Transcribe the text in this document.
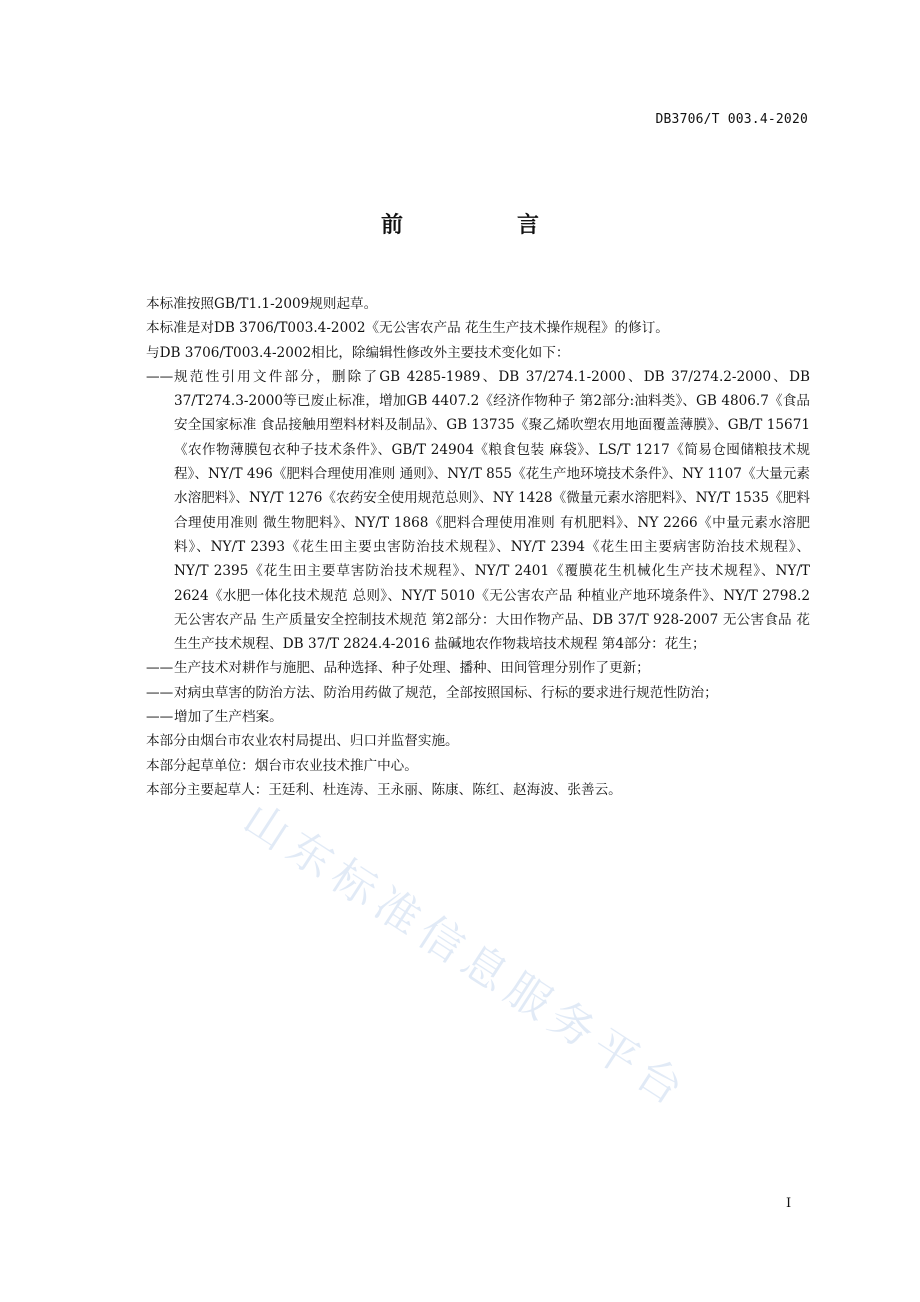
DB3706/T 003.4-2020
前　言

本标准按照GB/T1.1-2009规则起草。

本标准是对DB 3706/T003.4-2002《无公害农产品 花生生产技术操作规程》的修订。

与DB 3706/T003.4-2002相比，除编辑性修改外主要技术变化如下：

—— 规范性引用文件部分，删除了GB 4285-1989、DB 37/274.1-2000、DB 37/274.2-2000、DB 37/T274.3-2000等已废止标准，增加GB 4407.2《经济作物种子 第2部分:油料类》、GB 4806.7《食品安全国家标准 食品接触用塑料材料及制品》、GB 13735《聚乙烯吹塑农用地面覆盖薄膜》、GB/T 15671《农作物薄膜包衣种子技术条件》、GB/T 24904《粮食包装 麻袋》、LS/T 1217《简易仓囤储粮技术规程》、NY/T 496《肥料合理使用准则 通则》、NY/T 855《花生产地环境技术条件》、NY 1107《大量元素水溶肥料》、NY/T 1276《农药安全使用规范总则》、NY 1428《微量元素水溶肥料》、NY/T 1535《肥料合理使用准则 微生物肥料》、NY/T 1868《肥料合理使用准则 有机肥料》、NY 2266《中量元素水溶肥料》、NY/T 2393《花生田主要虫害防治技术规程》、NY/T 2394《花生田主要病害防治技术规程》、NY/T 2395《花生田主要草害防治技术规程》、NY/T 2401《覆膜花生机械化生产技术规程》、NY/T 2624《水肥一体化技术规范 总则》、NY/T 5010《无公害农产品 种植业产地环境条件》、NY/T 2798.2 无公害农产品 生产质量安全控制技术规范 第2部分：大田作物产品、DB 37/T 928-2007 无公害食品 花生生产技术规程、DB 37/T 2824.4-2016 盐碱地农作物栽培技术规程 第4部分：花生；
—— 生产技术对耕作与施肥、品种选择、种子处理、播种、田间管理分别作了更新；
—— 对病虫草害的防治方法、防治用药做了规范，全部按照国标、行标的要求进行规范性防治；
—— 增加了生产档案。

本部分由烟台市农业农村局提出、归口并监督实施。

本部分起草单位：烟台市农业技术推广中心。

本部分主要起草人：王廷利、杜连涛、王永丽、陈康、陈红、赵海波、张善云。

山东标准信息服务平台
I
